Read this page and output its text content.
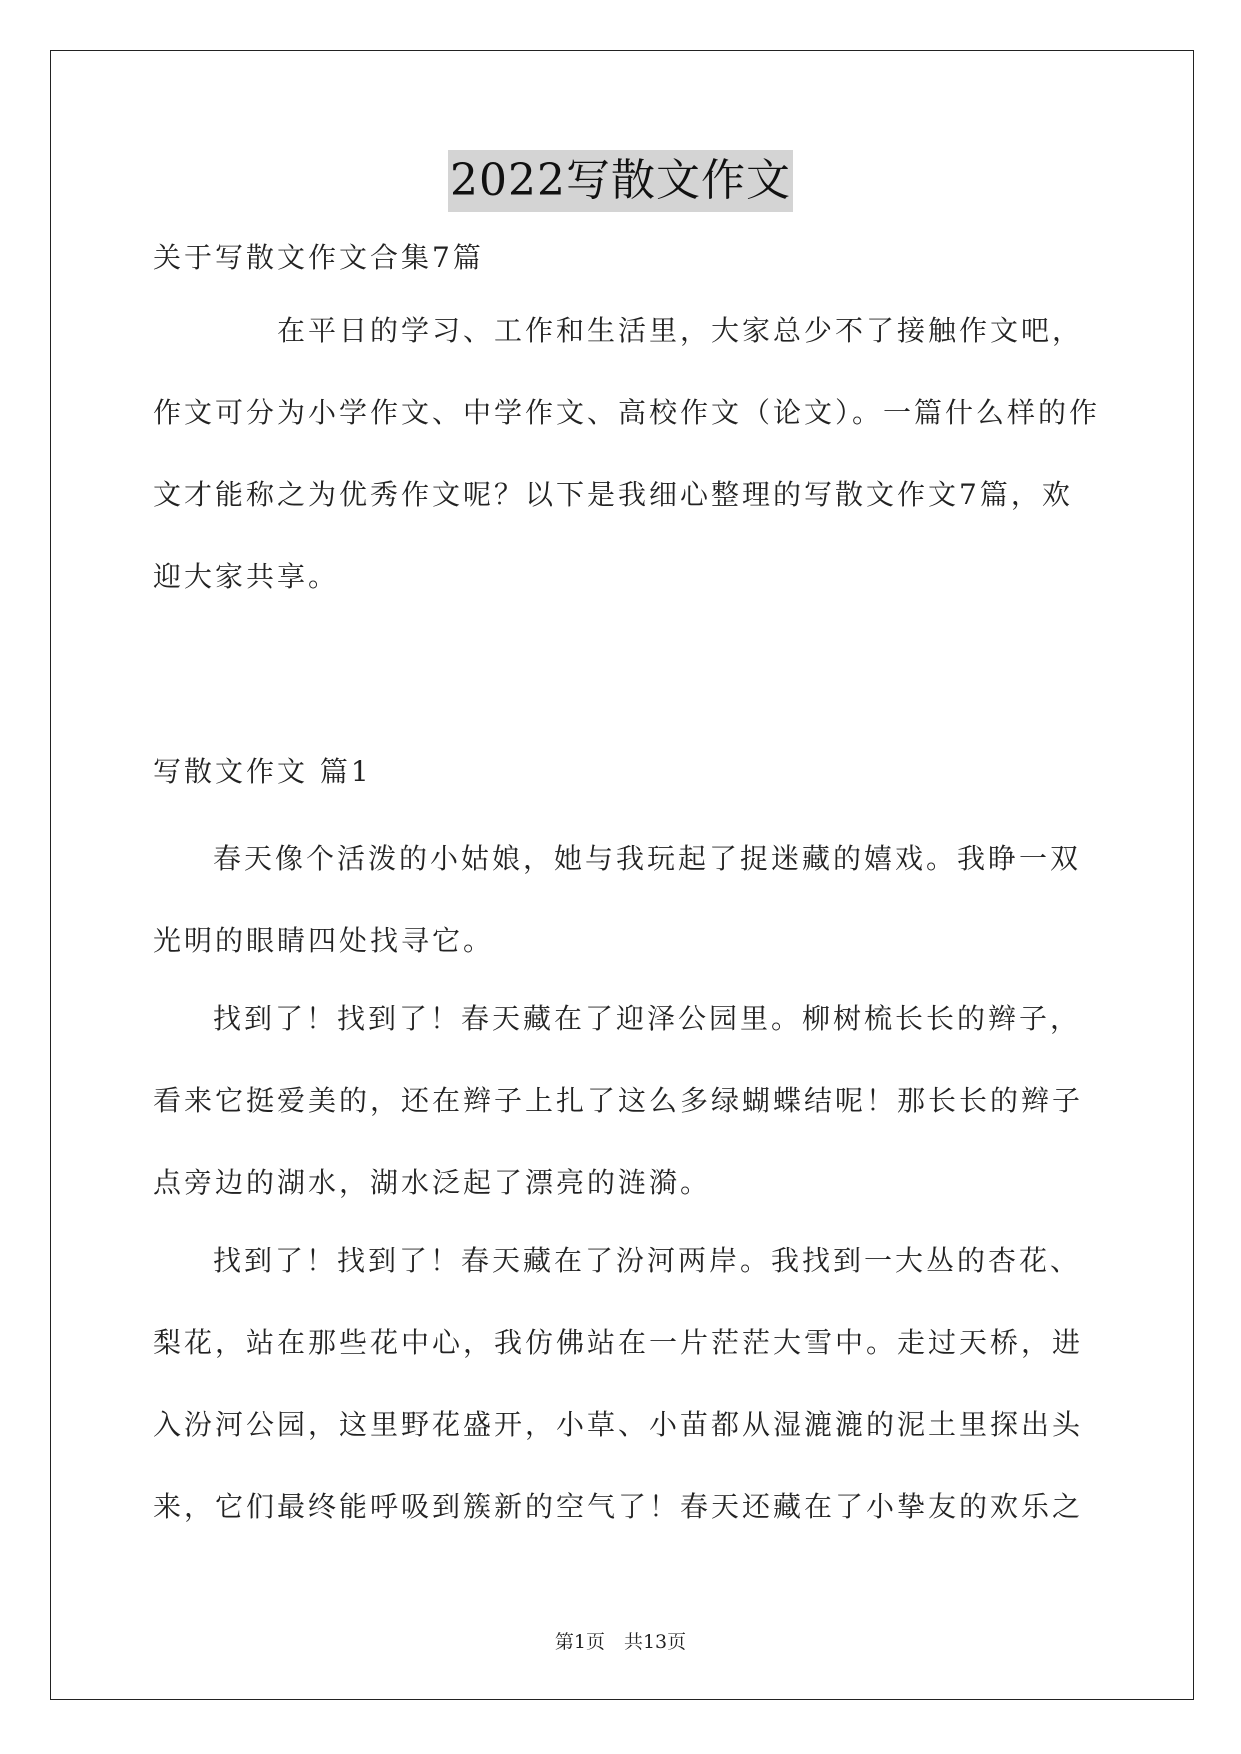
2022写散文作文
关于写散文作文合集7篇
在平日的学习、工作和生活里，大家总少不了接触作文吧，
作文可分为小学作文、中学作文、高校作文（论文）。一篇什么样的作
文才能称之为优秀作文呢？以下是我细心整理的写散文作文7篇，欢
迎大家共享。
写散文作文 篇1
春天像个活泼的小姑娘，她与我玩起了捉迷藏的嬉戏。我睁一双
光明的眼睛四处找寻它。
找到了！找到了！春天藏在了迎泽公园里。柳树梳长长的辫子，
看来它挺爱美的，还在辫子上扎了这么多绿蝴蝶结呢！那长长的辫子
点旁边的湖水，湖水泛起了漂亮的涟漪。
找到了！找到了！春天藏在了汾河两岸。我找到一大丛的杏花、
梨花，站在那些花中心，我仿佛站在一片茫茫大雪中。走过天桥，进
入汾河公园，这里野花盛开，小草、小苗都从湿漉漉的泥土里探出头
来，它们最终能呼吸到簇新的空气了！春天还藏在了小挚友的欢乐之
第1页　共13页
